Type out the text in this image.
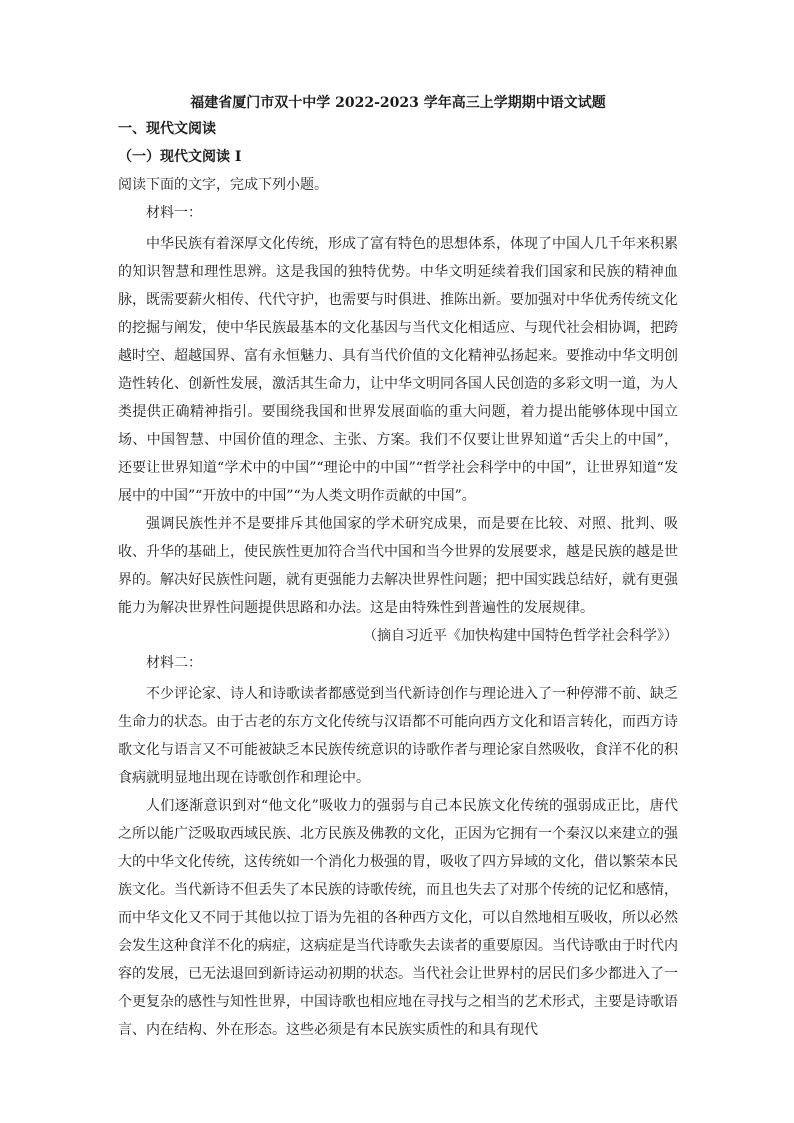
福建省厦门市双十中学 2022-2023 学年高三上学期期中语文试题
一、现代文阅读
（一）现代文阅读 I
阅读下面的文字，完成下列小题。
材料一：

中华民族有着深厚文化传统，形成了富有特色的思想体系，体现了中国人几千年来积累的知识智慧和理性思辨。这是我国的独特优势。中华文明延续着我们国家和民族的精神血脉，既需要薪火相传、代代守护，也需要与时俱进、推陈出新。要加强对中华优秀传统文化的挖掘与阐发，使中华民族最基本的文化基因与当代文化相适应、与现代社会相协调，把跨越时空、超越国界、富有永恒魅力、具有当代价值的文化精神弘扬起来。要推动中华文明创造性转化、创新性发展，激活其生命力，让中华文明同各国人民创造的多彩文明一道，为人类提供正确精神指引。要围绕我国和世界发展面临的重大问题，着力提出能够体现中国立场、中国智慧、中国价值的理念、主张、方案。我们不仅要让世界知道“舌尖上的中国”，还要让世界知道“学术中的中国”“理论中的中国”“哲学社会科学中的中国”，让世界知道“发展中的中国”“开放中的中国”“为人类文明作贡献的中国”。

强调民族性并不是要排斥其他国家的学术研究成果，而是要在比较、对照、批判、吸收、升华的基础上，使民族性更加符合当代中国和当今世界的发展要求，越是民族的越是世界的。解决好民族性问题，就有更强能力去解决世界性问题；把中国实践总结好，就有更强能力为解决世界性问题提供思路和办法。这是由特殊性到普遍性的发展规律。

（摘自习近平《加快构建中国特色哲学社会科学》）
材料二：

不少评论家、诗人和诗歌读者都感觉到当代新诗创作与理论进入了一种停滞不前、缺乏生命力的状态。由于古老的东方文化传统与汉语都不可能向西方文化和语言转化，而西方诗歌文化与语言又不可能被缺乏本民族传统意识的诗歌作者与理论家自然吸收，食洋不化的积食病就明显地出现在诗歌创作和理论中。

人们逐渐意识到对“他文化”吸收力的强弱与自己本民族文化传统的强弱成正比，唐代之所以能广泛吸取西域民族、北方民族及佛教的文化，正因为它拥有一个秦汉以来建立的强大的中华文化传统，这传统如一个消化力极强的胃，吸收了四方异域的文化，借以繁荣本民族文化。当代新诗不但丢失了本民族的诗歌传统，而且也失去了对那个传统的记忆和感情，而中华文化又不同于其他以拉丁语为先祖的各种西方文化，可以自然地相互吸收，所以必然会发生这种食洋不化的病症，这病症是当代诗歌失去读者的重要原因。当代诗歌由于时代内容的发展，已无法退回到新诗运动初期的状态。当代社会让世界村的居民们多少都进入了一个更复杂的感性与知性世界，中国诗歌也相应地在寻找与之相当的艺术形式，主要是诗歌语言、内在结构、外在形态。这些必须是有本民族实质性的和具有现代
